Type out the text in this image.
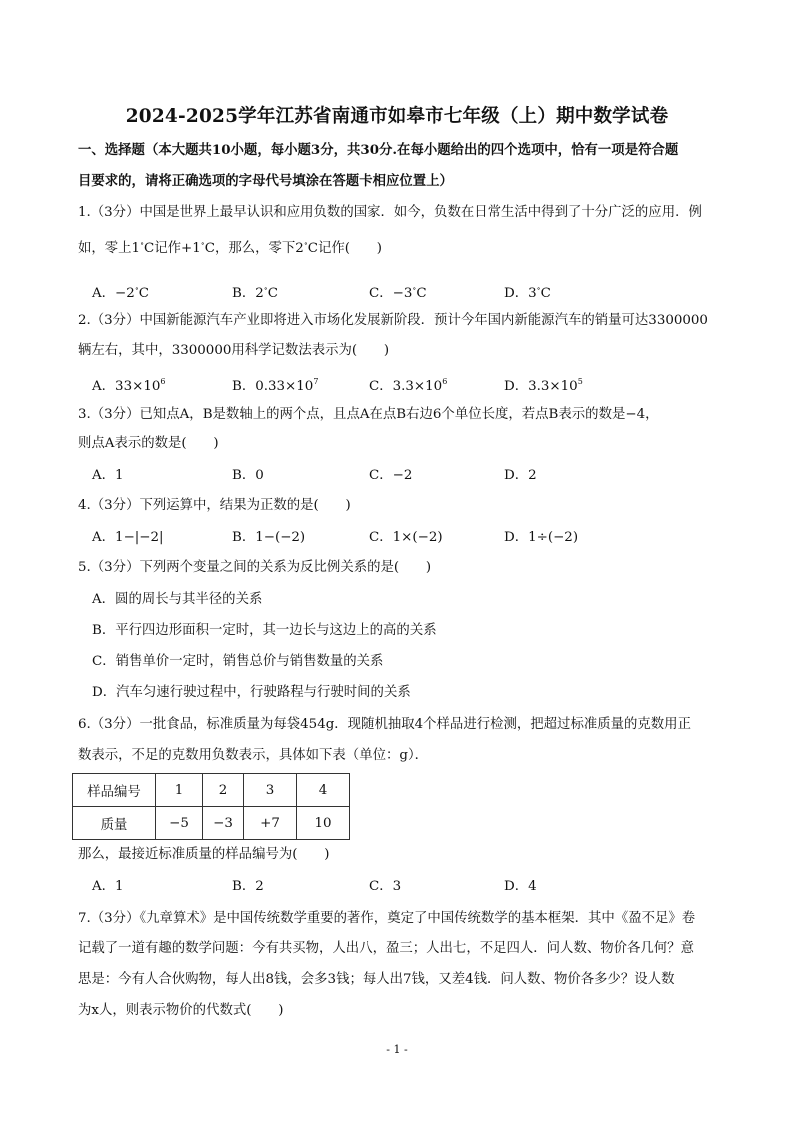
2024-2025学年江苏省南通市如皋市七年级（上）期中数学试卷
一、选择题（本大题共10小题，每小题3分，共30分.在每小题给出的四个选项中，恰有一项是符合题
目要求的，请将正确选项的字母代号填涂在答题卡相应位置上）
1.（3分）中国是世界上最早认识和应用负数的国家．如今，负数在日常生活中得到了十分广泛的应用．例
如，零上1∘C记作+1∘C，那么，零下2∘C记作(　　)
A．−2∘C	B．2∘C	C．−3∘C	D．3∘C
2.（3分）中国新能源汽车产业即将进入市场化发展新阶段．预计今年国内新能源汽车的销量可达3300000
辆左右，其中，3300000用科学记数法表示为(　　)
A．$33\times 10^6$	B．$0.33\times 10^7$	C．$3.3\times 10^6$	D．$3.3\times 10^5$
3.（3分）已知点A，B是数轴上的两个点，且点A在点B右边6个单位长度，若点B表示的数是−4，
则点A表示的数是(　　)
A．1	B．0	C．−2	D．2
4.（3分）下列运算中，结果为正数的是(　　)
A．1−|−2|	B．1−(−2)	C．1×(−2)	D．1÷(−2)
5.（3分）下列两个变量之间的关系为反比例关系的是(　　)
A．圆的周长与其半径的关系
B．平行四边形面积一定时，其一边长与这边上的高的关系
C．销售单价一定时，销售总价与销售数量的关系
D．汽车匀速行驶过程中，行驶路程与行驶时间的关系
6.（3分）一批食品，标准质量为每袋454g．现随机抽取4个样品进行检测，把超过标准质量的克数用正
数表示，不足的克数用负数表示，具体如下表（单位：g）．
样品编号	1	2	3	4
质量	−5	−3	+7	10
那么，最接近标准质量的样品编号为(　　)
A．1	B．2	C．3	D．4
7.（3分）《九章算术》是中国传统数学重要的著作，奠定了中国传统数学的基本框架．其中《盈不足》卷
记载了一道有趣的数学问题：今有共买物，人出八，盈三；人出七，不足四人．问人数、物价各几何？意
思是：今有人合伙购物，每人出8钱，会多3钱；每人出7钱，又差4钱．问人数、物价各多少？设人数
为x人，则表示物价的代数式(　　)
- 1 -
